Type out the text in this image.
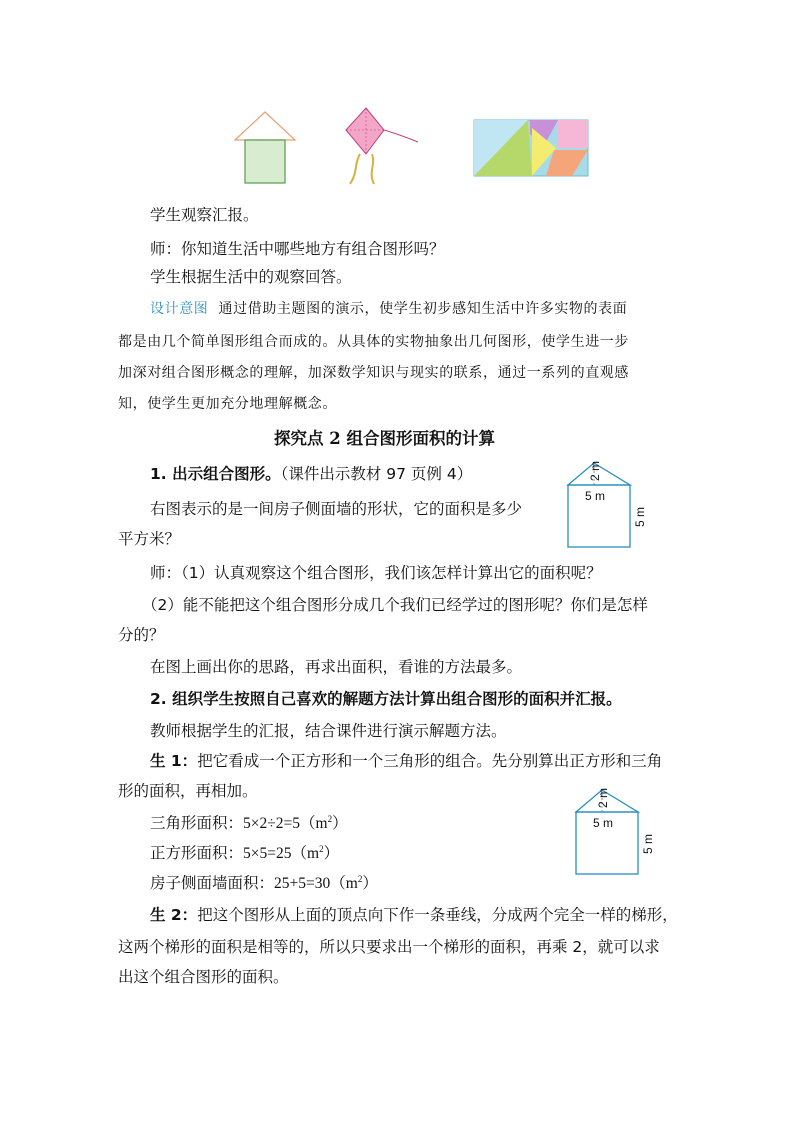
学生观察汇报。
师：你知道生活中哪些地方有组合图形吗？
学生根据生活中的观察回答。
设计意图 通过借助主题图的演示，使学生初步感知生活中许多实物的表面
都是由几个简单图形组合而成的。从具体的实物抽象出几何图形，使学生进一步
加深对组合图形概念的理解，加深数学知识与现实的联系，通过一系列的直观感
知，使学生更加充分地理解概念。
探究点 2 组合图形面积的计算
1. 出示组合图形。（课件出示教材 97 页例 4）	2 m
5 m
5 m
右图表示的是一间房子侧面墙的形状，它的面积是多少
平方米？
师：（1）认真观察这个组合图形，我们该怎样计算出它的面积呢？
（2）能不能把这个组合图形分成几个我们已经学过的图形呢？你们是怎样
分的？
在图上画出你的思路，再求出面积，看谁的方法最多。
2. 组织学生按照自己喜欢的解题方法计算出组合图形的面积并汇报。
教师根据学生的汇报，结合课件进行演示解题方法。
生 1：把它看成一个正方形和一个三角形的组合。先分别算出正方形和三角
形的面积，再相加。	2 m
5 m
5 m
三角形面积：$5\times 2\div 2=5(m^2)$
正方形面积：$5\times 5=25(m^2)$
房子侧面墙面积：$25+5=30(m^2)$
生 2：把这个图形从上面的顶点向下作一条垂线，分成两个完全一样的梯形，
这两个梯形的面积是相等的，所以只要求出一个梯形的面积，再乘 2，就可以求
出这个组合图形的面积。
